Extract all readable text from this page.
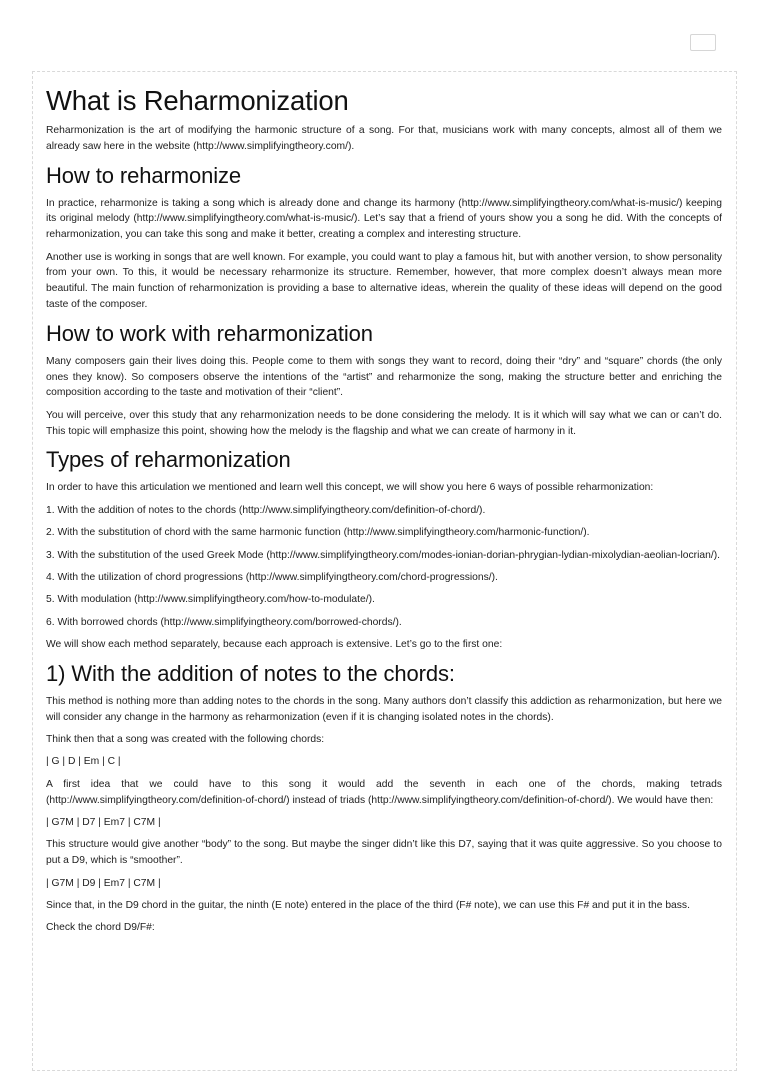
What is Reharmonization

Reharmonization is the art of modifying the harmonic structure of a song. For that, musicians work with many concepts, almost all of them we already saw here in the website (http://www.simplifyingtheory.com/).

How to reharmonize

In practice, reharmonize is taking a song which is already done and change its harmony (http://www.simplifyingtheory.com/what-is-music/) keeping its original melody (http://www.simplifyingtheory.com/what-is-music/). Let’s say that a friend of yours show you a song he did. With the concepts of reharmonization, you can take this song and make it better, creating a complex and interesting structure.

Another use is working in songs that are well known. For example, you could want to play a famous hit, but with another version, to show personality from your own. To this, it would be necessary reharmonize its structure. Remember, however, that more complex doesn’t always mean more beautiful. The main function of reharmonization is providing a base to alternative ideas, wherein the quality of these ideas will depend on the good taste of the composer.

How to work with reharmonization

Many composers gain their lives doing this. People come to them with songs they want to record, doing their “dry” and “square” chords (the only ones they know). So composers observe the intentions of the “artist” and reharmonize the song, making the structure better and enriching the composition according to the taste and motivation of their “client”.

You will perceive, over this study that any reharmonization needs to be done considering the melody. It is it which will say what we can or can’t do. This topic will emphasize this point, showing how the melody is the flagship and what we can create of harmony in it.

Types of reharmonization

In order to have this articulation we mentioned and learn well this concept, we will show you here 6 ways of possible reharmonization:

1. With the addition of notes to the chords (http://www.simplifyingtheory.com/definition-of-chord/).

2. With the substitution of chord with the same harmonic function (http://www.simplifyingtheory.com/harmonic-function/).

3. With the substitution of the used Greek Mode (http://www.simplifyingtheory.com/modes-ionian-dorian-phrygian-lydian-mixolydian-aeolian-locrian/).

4. With the utilization of chord progressions (http://www.simplifyingtheory.com/chord-progressions/).

5. With modulation (http://www.simplifyingtheory.com/how-to-modulate/).

6. With borrowed chords (http://www.simplifyingtheory.com/borrowed-chords/).

We will show each method separately, because each approach is extensive. Let’s go to the first one:

1) With the addition of notes to the chords:

This method is nothing more than adding notes to the chords in the song. Many authors don’t classify this addiction as reharmonization, but here we will consider any change in the harmony as reharmonization (even if it is changing isolated notes in the chords).

Think then that a song was created with the following chords:

| G | D | Em | C |

A first idea that we could have to this song it would add the seventh in each one of the chords, making tetrads (http://www.simplifyingtheory.com/definition-of-chord/) instead of triads (http://www.simplifyingtheory.com/definition-of-chord/). We would have then:

| G7M | D7 | Em7 | C7M |

This structure would give another “body” to the song. But maybe the singer didn’t like this D7, saying that it was quite aggressive. So you choose to put a D9, which is “smoother”.

| G7M | D9 | Em7 | C7M |

Since that, in the D9 chord in the guitar, the ninth (E note) entered in the place of the third (F# note), we can use this F# and put it in the bass.

Check the chord D9/F#:
